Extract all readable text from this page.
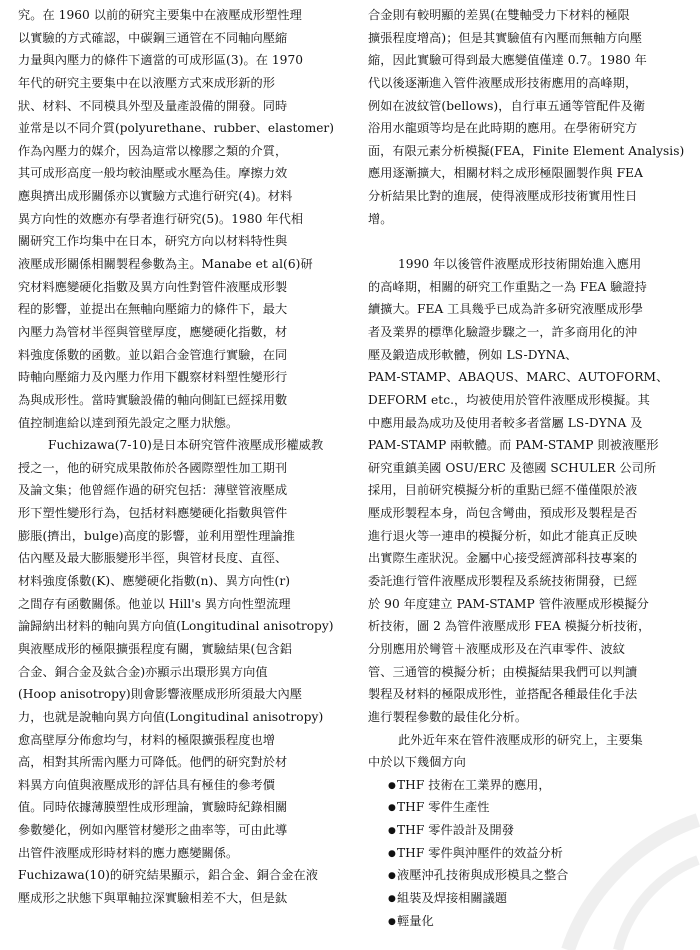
究。在 1960 以前的研究主要集中在液壓成形塑性理
以實驗的方式確認，中碳鋼三通管在不同軸向壓縮
力量與內壓力的條件下適當的可成形區(3)。在 1970
年代的研究主要集中在以液壓方式來成形新的形
狀、材料、不同模具外型及量產設備的開發。同時
並常是以不同介質(polyurethane、rubber、elastomer)
作為內壓力的媒介，因為這常以橡膠之類的介質，
其可成形高度一般均較油壓或水壓為佳。摩擦力效
應與擠出成形關係亦以實驗方式進行研究(4)。材料
異方向性的效應亦有學者進行研究(5)。1980 年代相
關研究工作均集中在日本，研究方向以材料特性與
液壓成形關係相關製程參數為主。Manabe et al(6)研
究材料應變硬化指數及異方向性對管件液壓成形製
程的影響，並提出在無軸向壓縮力的條件下，最大
內壓力為管材半徑與管壁厚度，應變硬化指數，材
料強度係數的函數。並以鋁合金管進行實驗，在同
時軸向壓縮力及內壓力作用下觀察材料塑性變形行
為與成形性。當時實驗設備的軸向側缸已經採用數
值控制進給以達到預先設定之壓力狀態。
Fuchizawa(7-10)是日本研究管件液壓成形權威教
授之一，他的研究成果散佈於各國際塑性加工期刊
及論文集；他曾經作過的研究包括：薄壁管液壓成
形下塑性變形行為，包括材料應變硬化指數與管件
膨脹(擠出，bulge)高度的影響，並利用塑性理論推
估內壓及最大膨脹變形半徑，與管材長度、直徑、
材料強度係數(K)、應變硬化指數(n)、異方向性(r)
之間存有函數關係。他並以 Hill's 異方向性塑流理
論歸納出材料的軸向異方向值(Longitudinal anisotropy)
與液壓成形的極限擴張程度有關，實驗結果(包含鋁
合金、銅合金及鈦合金)亦顯示出環形異方向值
(Hoop anisotropy)則會影響液壓成形所須最大內壓
力，也就是說軸向異方向值(Longitudinal anisotropy)
愈高壁厚分佈愈均勻，材料的極限擴張程度也增
高，相對其所需內壓力可降低。他們的研究對於材
料異方向值與液壓成形的評估具有極佳的參考價
值。同時依據薄膜塑性成形理論，實驗時紀錄相關
參數變化，例如內壓管材變形之曲率等，可由此導
出管件液壓成形時材料的應力應變關係。
Fuchizawa(10)的研究結果顯示，鋁合金、銅合金在液
壓成形之狀態下與單軸拉深實驗相差不大，但是鈦
合金則有較明顯的差異(在雙軸受力下材料的極限
擴張程度增高)；但是其實驗值有內壓而無軸方向壓
縮，因此實驗可得到最大應變值僅達 0.7。1980 年
代以後逐漸進入管件液壓成形技術應用的高峰期，
例如在波紋管(bellows)，自行車五通等管配件及衛
浴用水龍頭等均是在此時期的應用。在學術研究方
面，有限元素分析模擬(FEA，Finite Element Analysis)
應用逐漸擴大，相關材料之成形極限圖製作與 FEA
分析結果比對的進展，使得液壓成形技術實用性日
增。
1990 年以後管件液壓成形技術開始進入應用
的高峰期，相關的研究工作重點之一為 FEA 驗證持
續擴大。FEA 工具幾乎已成為許多研究液壓成形學
者及業界的標準化驗證步驟之一，許多商用化的沖
壓及鍛造成形軟體，例如 LS-DYNA、
PAM-STAMP、ABAQUS、MARC、AUTOFORM、
DEFORM etc.，均被使用於管件液壓成形模擬。其
中應用最為成功及使用者較多者當屬 LS-DYNA 及
PAM-STAMP 兩軟體。而 PAM-STAMP 則被液壓形
研究重鎮美國 OSU/ERC 及德國 SCHULER 公司所
採用，目前研究模擬分析的重點已經不僅僅限於液
壓成形製程本身，尚包含彎曲，預成形及製程是否
進行退火等一連串的模擬分析，如此才能真正反映
出實際生產狀況。金屬中心接受經濟部科技專案的
委託進行管件液壓成形製程及系統技術開發，已經
於 90 年度建立 PAM-STAMP 管件液壓成形模擬分
析技術，圖 2 為管件液壓成形 FEA 模擬分析技術，
分別應用於彎管＋液壓成形及在汽車零件、波紋
管、三通管的模擬分析；由模擬結果我們可以判讀
製程及材料的極限成形性，並搭配各種最佳化手法
進行製程參數的最佳化分析。
此外近年來在管件液壓成形的研究上，主要集
中於以下幾個方向
●THF 技術在工業界的應用，
●THF 零件生產性
●THF 零件設計及開發
●THF 零件與沖壓件的效益分析
●液壓沖孔技術與成形模具之整合
●組裝及焊接相關議題
●輕量化
